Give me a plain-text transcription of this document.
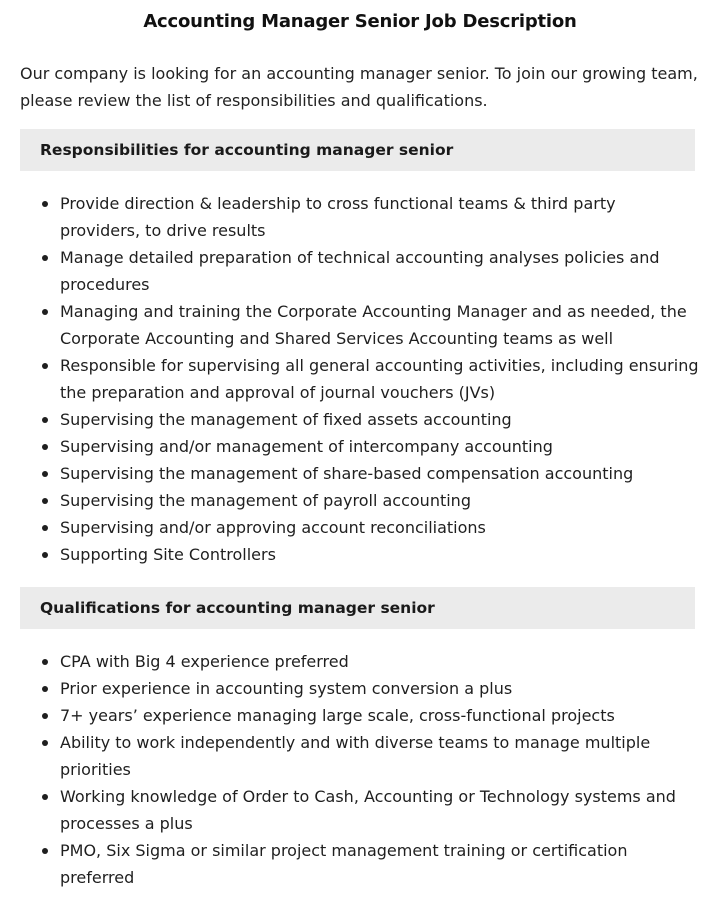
Accounting Manager Senior Job Description

Our company is looking for an accounting manager senior. To join our growing team, please review the list of responsibilities and qualifications.

Responsibilities for accounting manager senior
Provide direction & leadership to cross functional teams & third party providers, to drive results
Manage detailed preparation of technical accounting analyses policies and procedures
Managing and training the Corporate Accounting Manager and as needed, the Corporate Accounting and Shared Services Accounting teams as well
Responsible for supervising all general accounting activities, including ensuring the preparation and approval of journal vouchers (JVs)
Supervising the management of fixed assets accounting
Supervising and/or management of intercompany accounting
Supervising the management of share-based compensation accounting
Supervising the management of payroll accounting
Supervising and/or approving account reconciliations
Supporting Site Controllers
Qualifications for accounting manager senior
CPA with Big 4 experience preferred
Prior experience in accounting system conversion a plus
7+ years’ experience managing large scale, cross-functional projects
Ability to work independently and with diverse teams to manage multiple priorities
Working knowledge of Order to Cash, Accounting or Technology systems and processes a plus
PMO, Six Sigma or similar project management training or certification preferred
